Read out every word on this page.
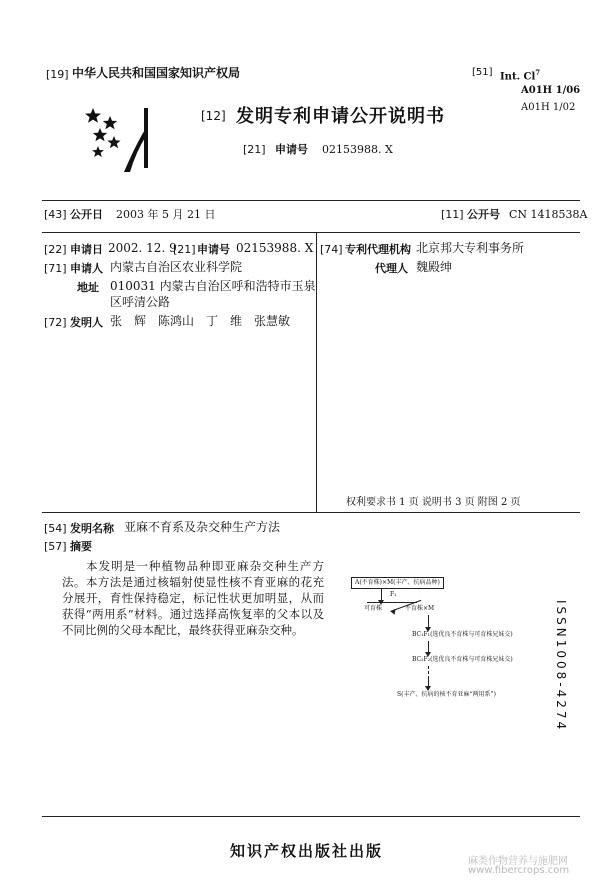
[19] 中华人民共和国国家知识产权局	[51] Int. Cl$^7$
A01H 1/06
A01H 1/02
[12] 发明专利申请公开说明书
[21] 申请号 02153988. X
[43] 公开日 2003 年 5 月 21 日	[11] 公开号 CN 1418538A
[22] 申请日 2002. 12. 9
[21] 申请号 02153988. X
[71] 申请人 内蒙古自治区农业科学院
地址 010031 内蒙古自治区呼和浩特市玉泉
区呼清公路
[72] 发明人 张　辉　陈鸿山　丁　维　张慧敏
[74] 专利代理机构 北京邦大专利事务所
代理人 魏殿绅
权利要求书 1 页 说明书 3 页 附图 2 页
[54] 发明名称 亚麻不育系及杂交种生产方法
[57] 摘要
本发明是一种植物品种即亚麻杂交种生产方法。本方法是通过核辐射使显性核不育亚麻的花充分展开，育性保持稳定，标记性状更加明显，从而获得“两用系”材料。通过选择高恢复率的父本以及不同比例的父母本配比，最终获得亚麻杂交种。
A(不育株)×M(丰产、抗病品种)
F₁
可育株	不育株×M
BC₁F₁(选优良不育株与可育株兄妹交)
BC₂F₂(选优良不育株与可育株兄妹交)
S(丰产、抗病的核不育亚麻“两用系”)	ISSN1008-4274
知识产权出版社出版
麻类作物营养与施肥网
www.fibercrops.com
